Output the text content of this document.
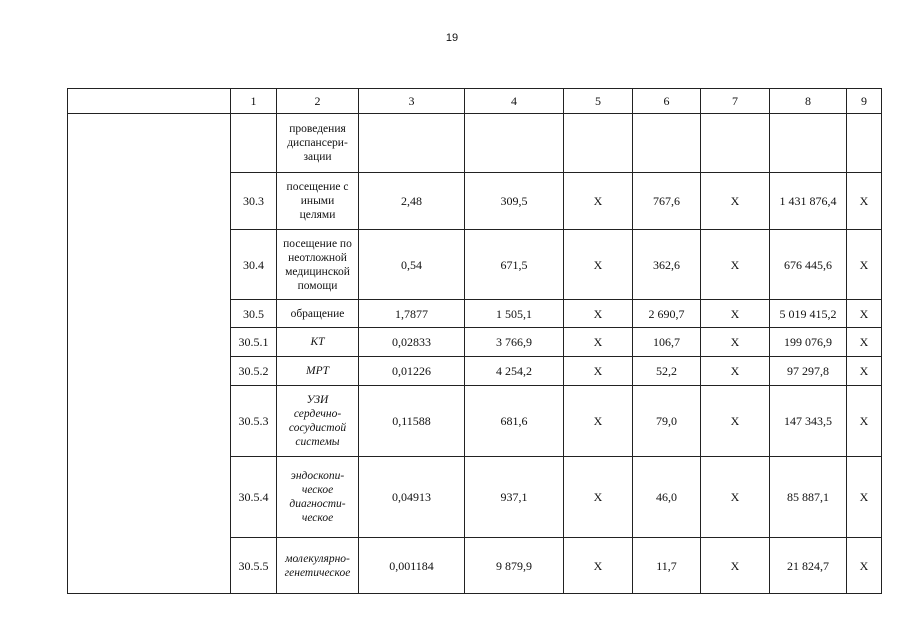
19
	1	2	3	4	5	6	7	8	9

		проведения
диспансери-
зации							

	30.3	посещение с
иными
целями	2,48	309,5	X	767,6	X	1 431 876,4	X
	30.4	посещение по
неотложной
медицинской
помощи	0,54	671,5	X	362,6	X	676 445,6	X
	30.5	обращение	1,7877	1 505,1	X	2 690,7	X	5 019 415,2	X
	30.5.1	КТ	0,02833	3 766,9	X	106,7	X	199 076,9	X
	30.5.2	МРТ	0,01226	4 254,2	X	52,2	X	97 297,8	X
	30.5.3	УЗИ
сердечно-
сосудистой
системы	0,11588	681,6	X	79,0	X	147 343,5	X
	30.5.4	эндоскопи-
ческое
диагности-
ческое	0,04913	937,1	X	46,0	X	85 887,1	X
	30.5.5	молекулярно-
генетическое	0,001184	9 879,9	X	11,7	X	21 824,7	X
